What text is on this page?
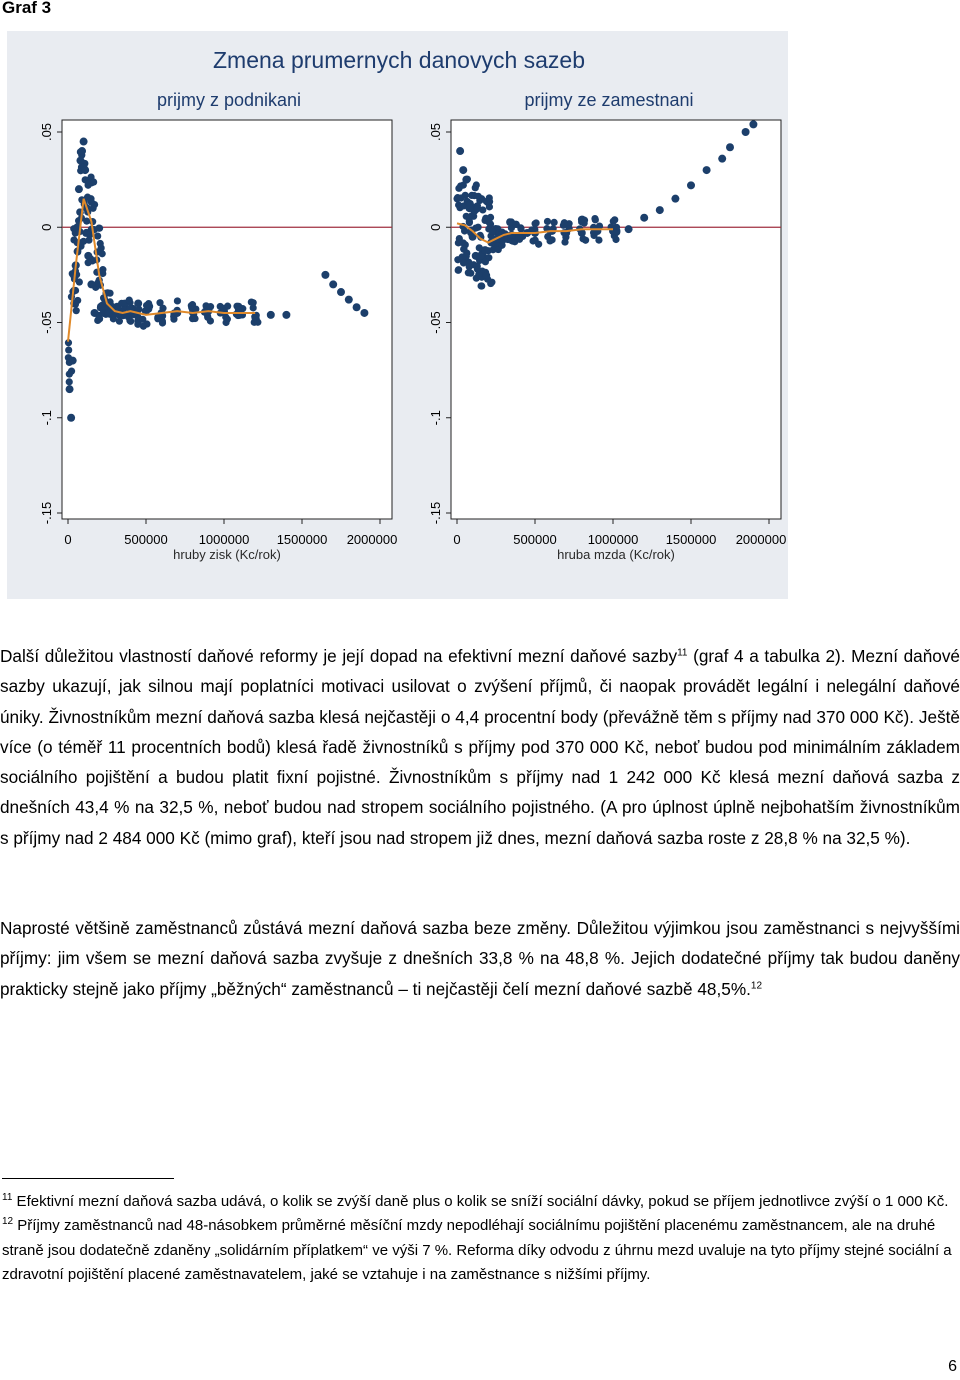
Graf 3
Zmena prumernych danovych sazeb
prijmy z podnikani
-.15
-.1
-.05
0
.05
0	500000 1000000 1500000 2000000
hruby zisk (Kc/rok)
prijmy ze zamestnani
-.15
-.1
-.05
0
.05
0	500000 1000000 1500000 2000000
hruba mzda (Kc/rok)
Další důležitou vlastností daňové reformy je její dopad na efektivní mezní daňové sazby$^{11}$ (graf 4 a tabulka 2). Mezní daňové sazby ukazují, jak silnou mají poplatníci motivaci usilovat o zvýšení příjmů, či naopak provádět legální i nelegální daňové úniky. Živnostníkům mezní daňová sazba klesá nejčastěji o 4,4 procentní body (převážně těm s příjmy nad 370 000 Kč). Ještě více (o téměř 11 procentních bodů) klesá řadě živnostníků s příjmy pod 370 000 Kč, neboť budou pod minimálním základem sociálního pojištění a budou platit fixní pojistné. Živnostníkům s příjmy nad 1 242 000 Kč klesá mezní daňová sazba z dnešních 43,4 % na 32,5 %, neboť budou nad stropem sociálního pojistného. (A pro úplnost úplně nejbohatším živnostníkům s příjmy nad 2 484 000 Kč (mimo graf), kteří jsou nad stropem již dnes, mezní daňová sazba roste z 28,8 % na 32,5 %).
Naprosté většině zaměstnanců zůstává mezní daňová sazba beze změny. Důležitou výjimkou jsou zaměstnanci s nejvyššími příjmy: jim všem se mezní daňová sazba zvyšuje z dnešních 33,8 % na 48,8 %. Jejich dodatečné příjmy tak budou daněny prakticky stejně jako příjmy „běžných“ zaměstnanců – ti nejčastěji čelí mezní daňové sazbě 48,5%.$^{12}$
$^{11}$ Efektivní mezní daňová sazba udává, o kolik se zvýší daně plus o kolik se sníží sociální dávky, pokud se příjem jednotlivce zvýší o 1 000 Kč.
$^{12}$ Příjmy zaměstnanců nad 48-násobkem průměrné měsíční mzdy nepodléhají sociálnímu pojištění placenému zaměstnancem, ale na druhé straně jsou dodatečně zdaněny „solidárním příplatkem“ ve výši 7 %. Reforma díky odvodu z úhrnu mezd uvaluje na tyto příjmy stejné sociální a zdravotní pojištění placené zaměstnavatelem, jaké se vztahuje i na zaměstnance s nižšími příjmy.
6
